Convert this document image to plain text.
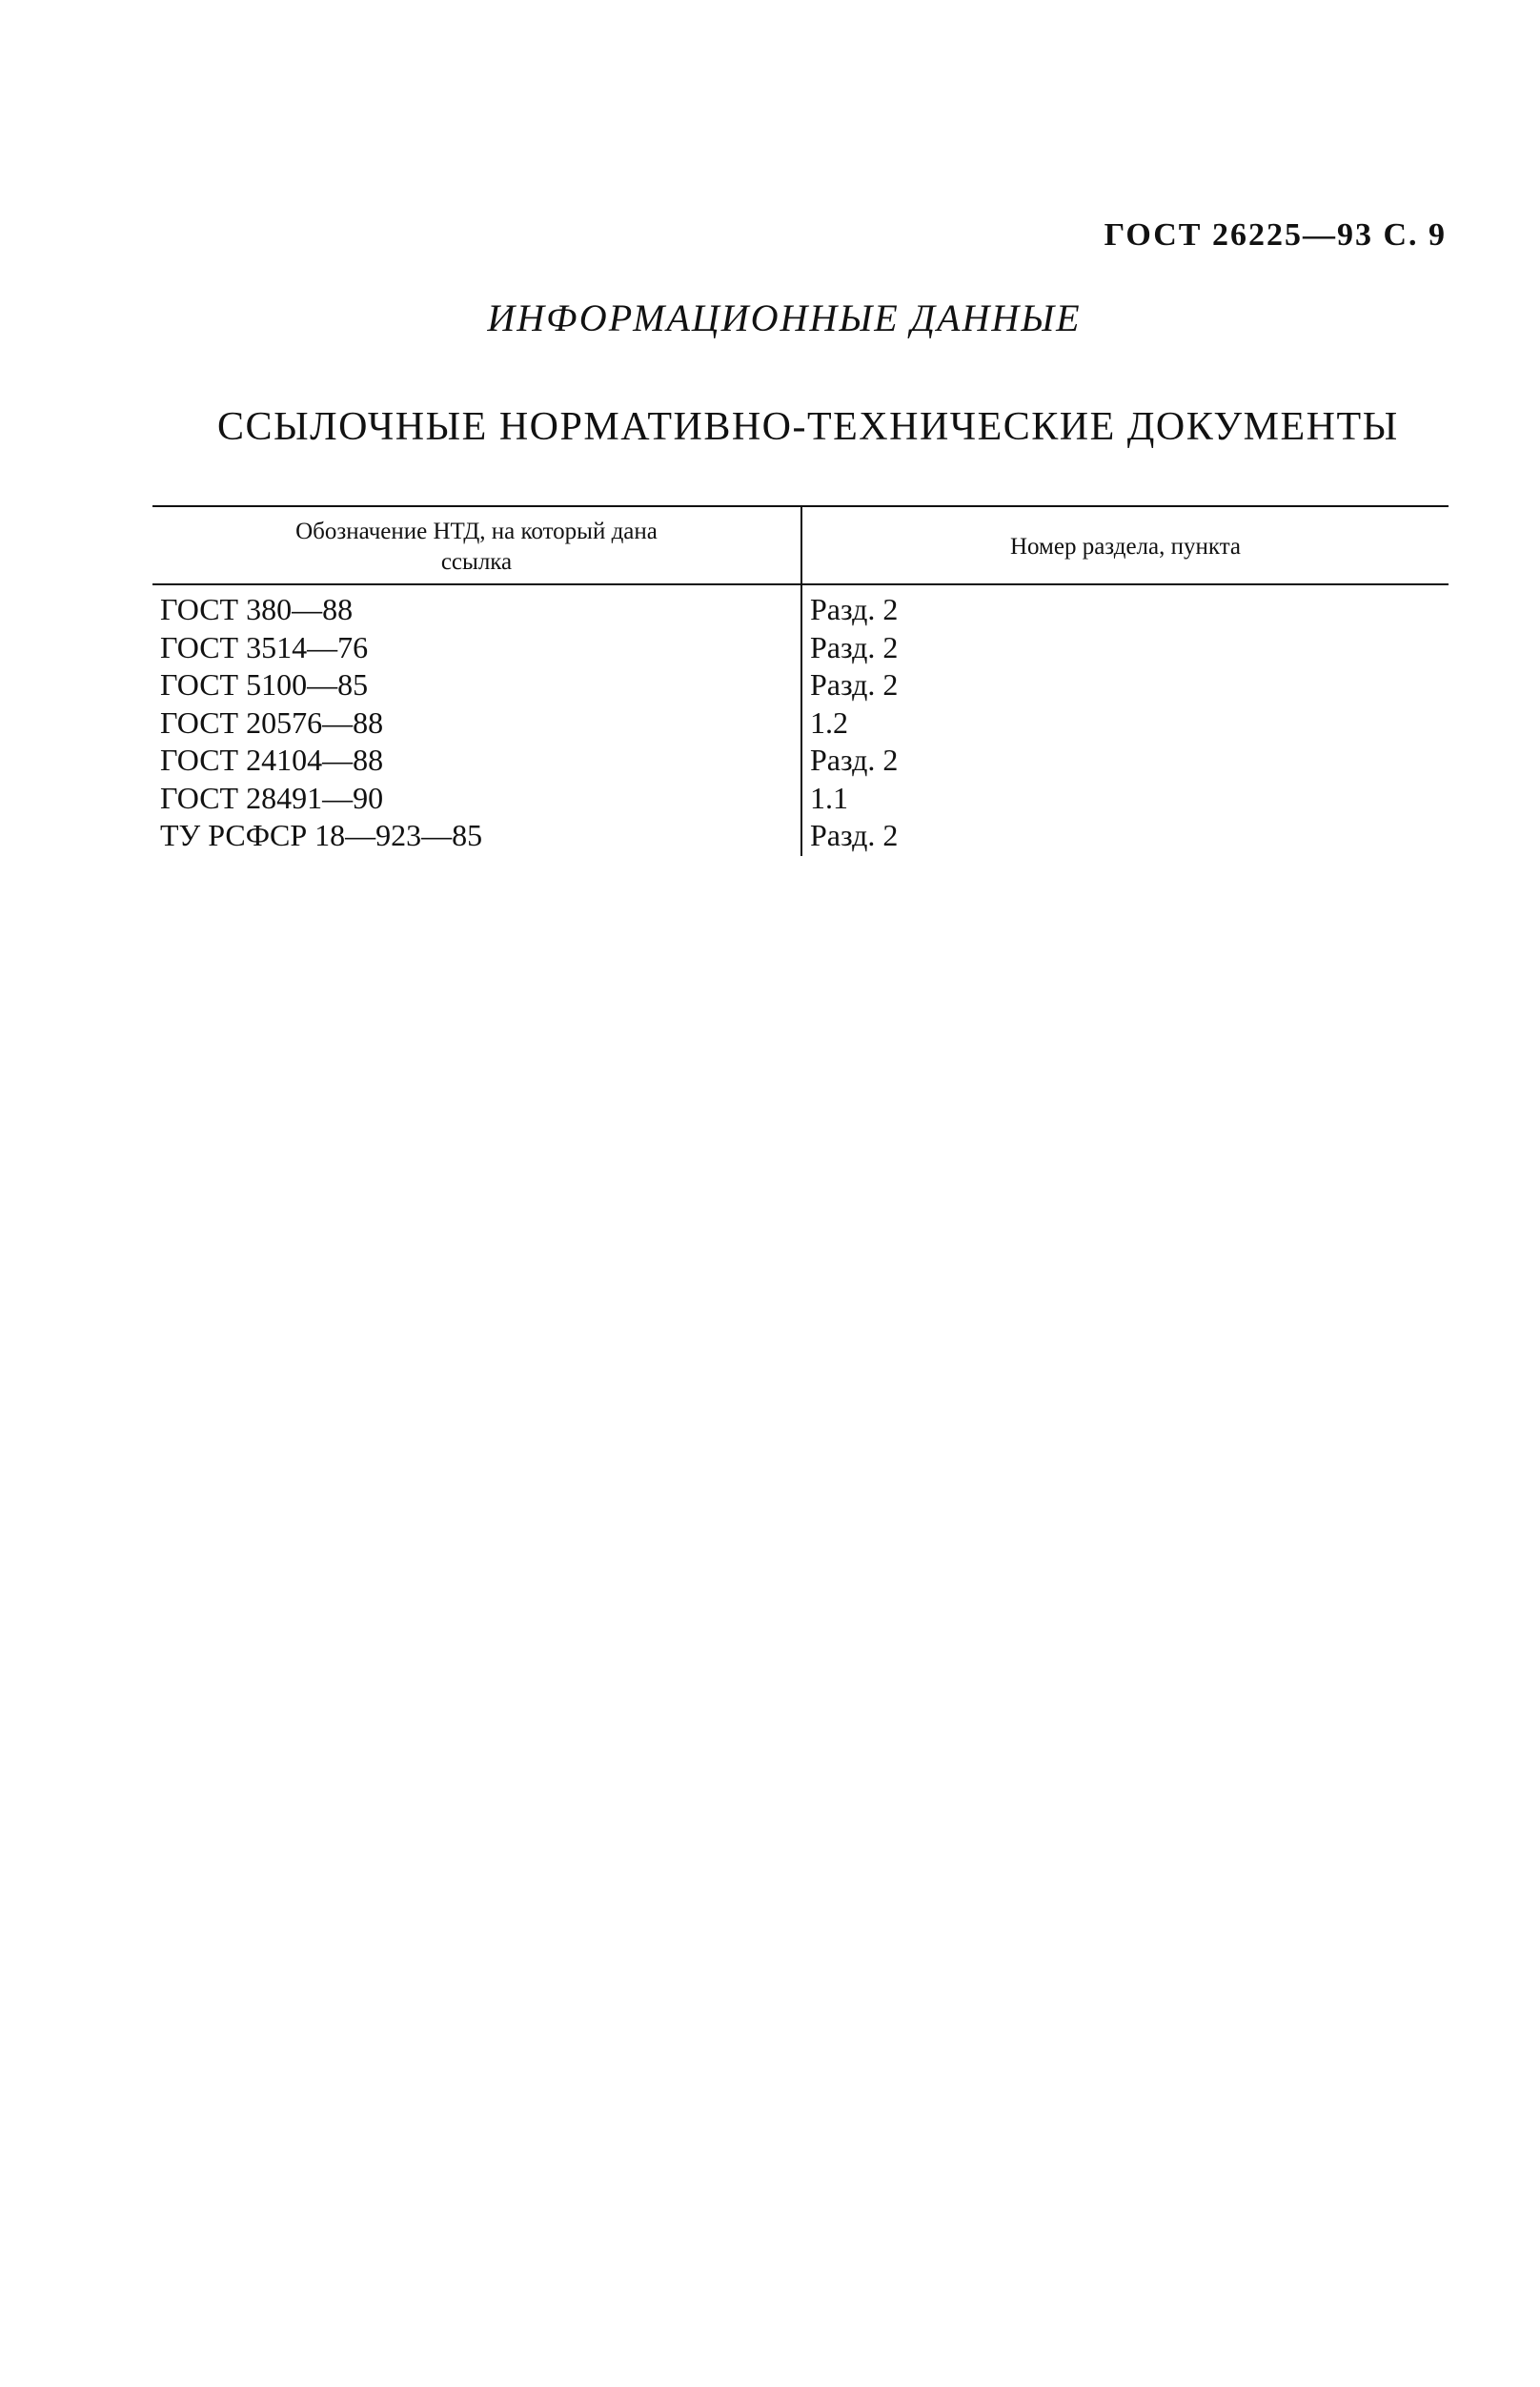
ГОСТ 26225—93 С. 9
ИНФОРМАЦИОННЫЕ ДАННЫЕ
ССЫЛОЧНЫЕ НОРМАТИВНО-ТЕХНИЧЕСКИЕ ДОКУМЕНТЫ
Обозначение НТД, на который дана ссылка
Номер раздела, пункта
ГОСТ 380—88	Разд. 2
ГОСТ 3514—76	Разд. 2
ГОСТ 5100—85	Разд. 2
ГОСТ 20576—88	1.2
ГОСТ 24104—88	Разд. 2
ГОСТ 28491—90	1.1
ТУ РСФСР 18—923—85	Разд. 2
